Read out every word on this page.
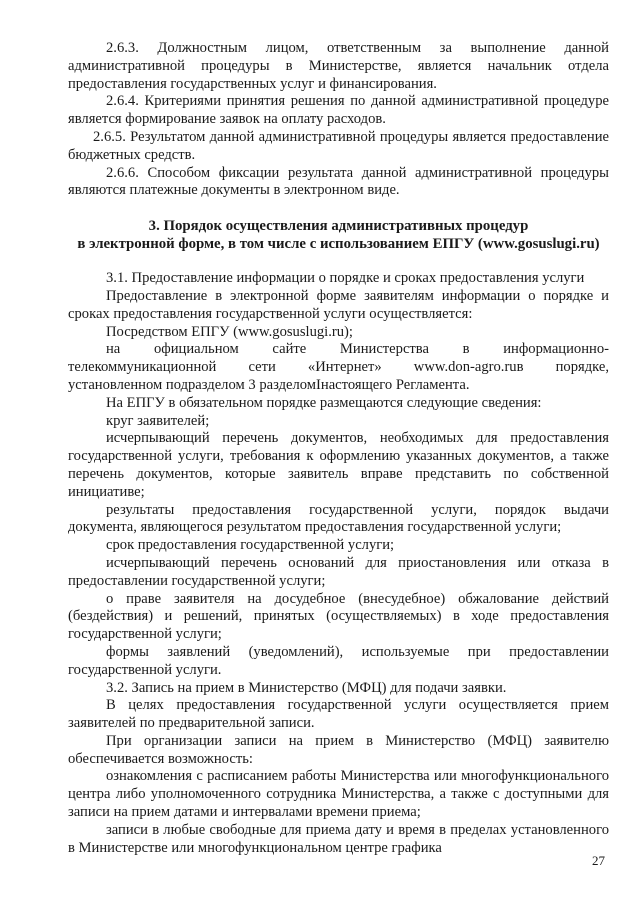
2.6.3. Должностным лицом, ответственным за выполнение данной административной процедуры в Министерстве, является начальник отдела предоставления государственных услуг и финансирования.

2.6.4. Критериями принятия решения по данной административной процедуре является формирование заявок на оплату расходов.

2.6.5. Результатом данной административной процедуры является предоставление бюджетных средств.

2.6.6. Способом фиксации результата данной административной процедуры являются платежные документы в электронном виде.

3. Порядок осуществления административных процедур

в электронной форме, в том числе с использованием ЕПГУ (www.gosuslugi.ru)

3.1. Предоставление информации о порядке и сроках предоставления услуги

Предоставление в электронной форме заявителям информации о порядке и сроках предоставления государственной услуги осуществляется:

Посредством ЕПГУ (www.gosuslugi.ru);

на официальном сайте Министерства в информационно-
телекоммуникационной сети «Интернет» www.don-agro.ruв порядке,
установленном подразделом 3 разделомIнастоящего Регламента.

На ЕПГУ в обязательном порядке размещаются следующие сведения:

круг заявителей;

исчерпывающий перечень документов, необходимых для предоставления государственной услуги, требования к оформлению указанных документов, а также перечень документов, которые заявитель вправе представить по собственной инициативе;

результаты предоставления государственной услуги, порядок выдачи документа, являющегося результатом предоставления государственной услуги;

срок предоставления государственной услуги;

исчерпывающий перечень оснований для приостановления или отказа в предоставлении государственной услуги;

о праве заявителя на досудебное (внесудебное) обжалование действий (бездействия) и решений, принятых (осуществляемых) в ходе предоставления государственной услуги;

формы заявлений (уведомлений), используемые при предоставлении государственной услуги.

3.2. Запись на прием в Министерство (МФЦ) для подачи заявки.

В целях предоставления государственной услуги осуществляется прием заявителей по предварительной записи.

При организации записи на прием в Министерство (МФЦ) заявителю обеспечивается возможность:

ознакомления с расписанием работы Министерства или многофункционального центра либо уполномоченного сотрудника Министерства, а также с доступными для записи на прием датами и интервалами времени приема;

записи в любые свободные для приема дату и время в пределах установленного в Министерстве или многофункциональном центре графика

27
